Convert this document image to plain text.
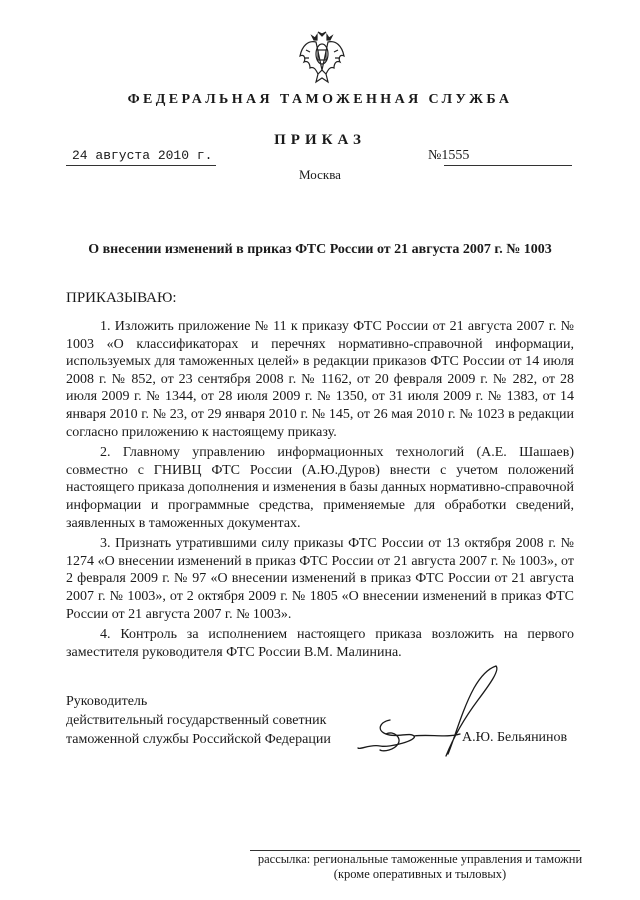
ФЕДЕРАЛЬНАЯ ТАМОЖЕННАЯ СЛУЖБА
ПРИКАЗ
24 августа 2010 г.	№1555
Москва
О внесении изменений в приказ ФТС России от 21 августа 2007 г. № 1003
ПРИКАЗЫВАЮ:

1. Изложить приложение № 11 к приказу ФТС России от 21 августа 2007 г. № 1003 «О классификаторах и перечнях нормативно-справочной информации, используемых для таможенных целей» в редакции приказов ФТС России от 14 июля 2008 г. № 852, от 23 сентября 2008 г. № 1162, от 20 февраля 2009 г. № 282, от 28 июля 2009 г. № 1344, от 28 июля 2009 г. № 1350, от 31 июля 2009 г. № 1383, от 14 января 2010 г. № 23, от 29 января 2010 г. № 145, от 26 мая 2010 г. № 1023 в редакции согласно приложению к настоящему приказу.

2. Главному управлению информационных технологий (А.Е. Шашаев) совместно с ГНИВЦ ФТС России (А.Ю.Дуров) внести с учетом положений настоящего приказа дополнения и изменения в базы данных нормативно-справочной информации и программные средства, применяемые для обработки сведений, заявленных в таможенных документах.

3. Признать утратившими силу приказы ФТС России от 13 октября 2008 г. № 1274 «О внесении изменений в приказ ФТС России от 21 августа 2007 г. № 1003», от 2 февраля 2009 г. № 97 «О внесении изменений в приказ ФТС России от 21 августа 2007 г. № 1003», от 2 октября 2009 г. № 1805 «О внесении изменений в приказ ФТС России от 21 августа 2007 г. № 1003».

4. Контроль за исполнением настоящего приказа возложить на первого заместителя руководителя ФТС России В.М. Малинина.

Руководитель
действительный государственный советник
таможенной службы Российской Федерации	А.Ю. Бельянинов
рассылка: региональные таможенные управления и таможни
(кроме оперативных и тыловых)
